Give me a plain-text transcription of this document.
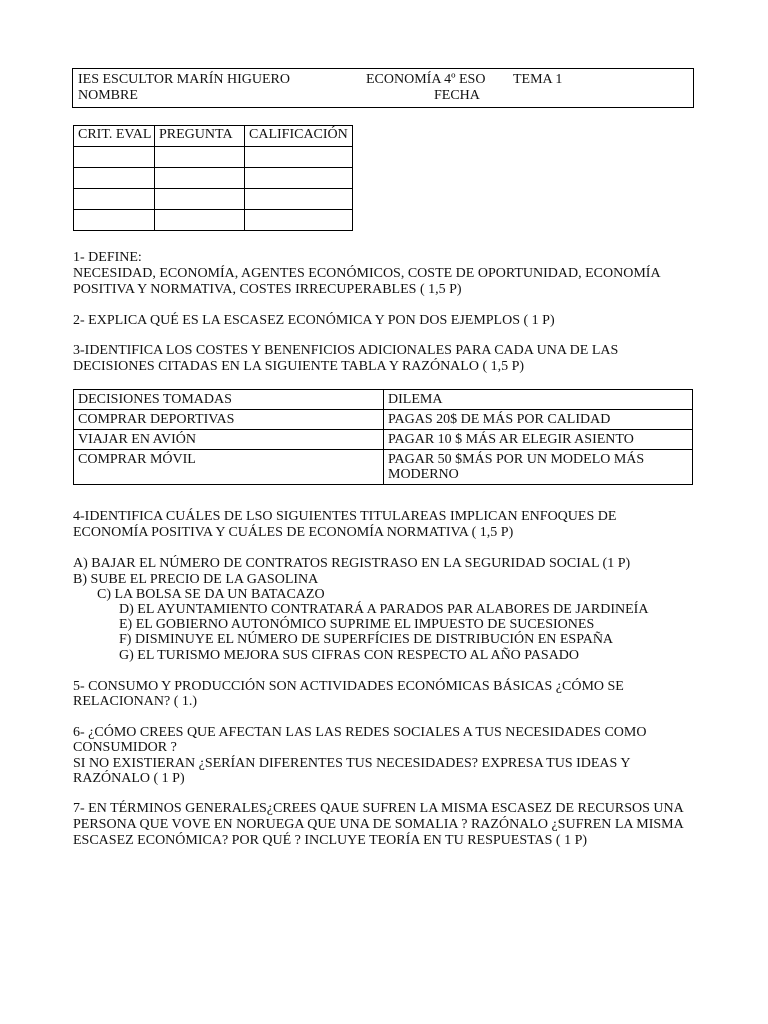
IES ESCULTOR MARÍN HIGUERO	ECONOMÍA 4º ESO TEMA 1
NOMBRE	FECHA
CRIT. EVAL	PREGUNTA	CALIFICACIÓN

1- DEFINE:
NECESIDAD, ECONOMÍA, AGENTES ECONÓMICOS, COSTE DE OPORTUNIDAD, ECONOMÍA
POSITIVA Y NORMATIVA, COSTES IRRECUPERABLES ( 1,5 P)
2- EXPLICA QUÉ ES LA ESCASEZ ECONÓMICA Y PON DOS EJEMPLOS ( 1 P)
3-IDENTIFICA LOS COSTES Y BENENFICIOS ADICIONALES PARA CADA UNA DE LAS
DECISIONES CITADAS EN LA SIGUIENTE TABLA Y RAZÓNALO ( 1,5 P)
DECISIONES TOMADAS	DILEMA
COMPRAR DEPORTIVAS	PAGAS 20$ DE MÁS POR CALIDAD
VIAJAR EN AVIÓN	PAGAR 10 $ MÁS AR ELEGIR ASIENTO
COMPRAR MÓVIL	PAGAR 50 $MÁS POR UN MODELO MÁS
MODERNO
4-IDENTIFICA CUÁLES DE LSO SIGUIENTES TITULAREAS IMPLICAN ENFOQUES DE
ECONOMÍA POSITIVA Y CUÁLES DE ECONOMÍA NORMATIVA ( 1,5 P)
A) BAJAR EL NÚMERO DE CONTRATOS REGISTRASO EN LA SEGURIDAD SOCIAL (1 P)
B) SUBE EL PRECIO DE LA GASOLINA
C) LA BOLSA SE DA UN BATACAZO
D) EL AYUNTAMIENTO CONTRATARÁ A PARADOS PAR ALABORES DE JARDINEÍA
E) EL GOBIERNO AUTONÓMICO SUPRIME EL IMPUESTO DE SUCESIONES
F) DISMINUYE EL NÚMERO DE SUPERFÍCIES DE DISTRIBUCIÓN EN ESPAÑA
G) EL TURISMO MEJORA SUS CIFRAS CON RESPECTO AL AÑO PASADO
5- CONSUMO Y PRODUCCIÓN SON ACTIVIDADES ECONÓMICAS BÁSICAS ¿CÓMO SE
RELACIONAN? ( 1.)
6- ¿CÓMO CREES QUE AFECTAN LAS LAS REDES SOCIALES A TUS NECESIDADES COMO
CONSUMIDOR ?
SI NO EXISTIERAN ¿SERÍAN DIFERENTES TUS NECESIDADES? EXPRESA TUS IDEAS Y
RAZÓNALO ( 1 P)
7- EN TÉRMINOS GENERALES¿CREES QAUE SUFREN LA MISMA ESCASEZ DE RECURSOS UNA
PERSONA QUE VOVE EN NORUEGA QUE UNA DE SOMALIA ? RAZÓNALO ¿SUFREN LA MISMA
ESCASEZ ECONÓMICA? POR QUÉ ? INCLUYE TEORÍA EN TU RESPUESTAS ( 1 P)
